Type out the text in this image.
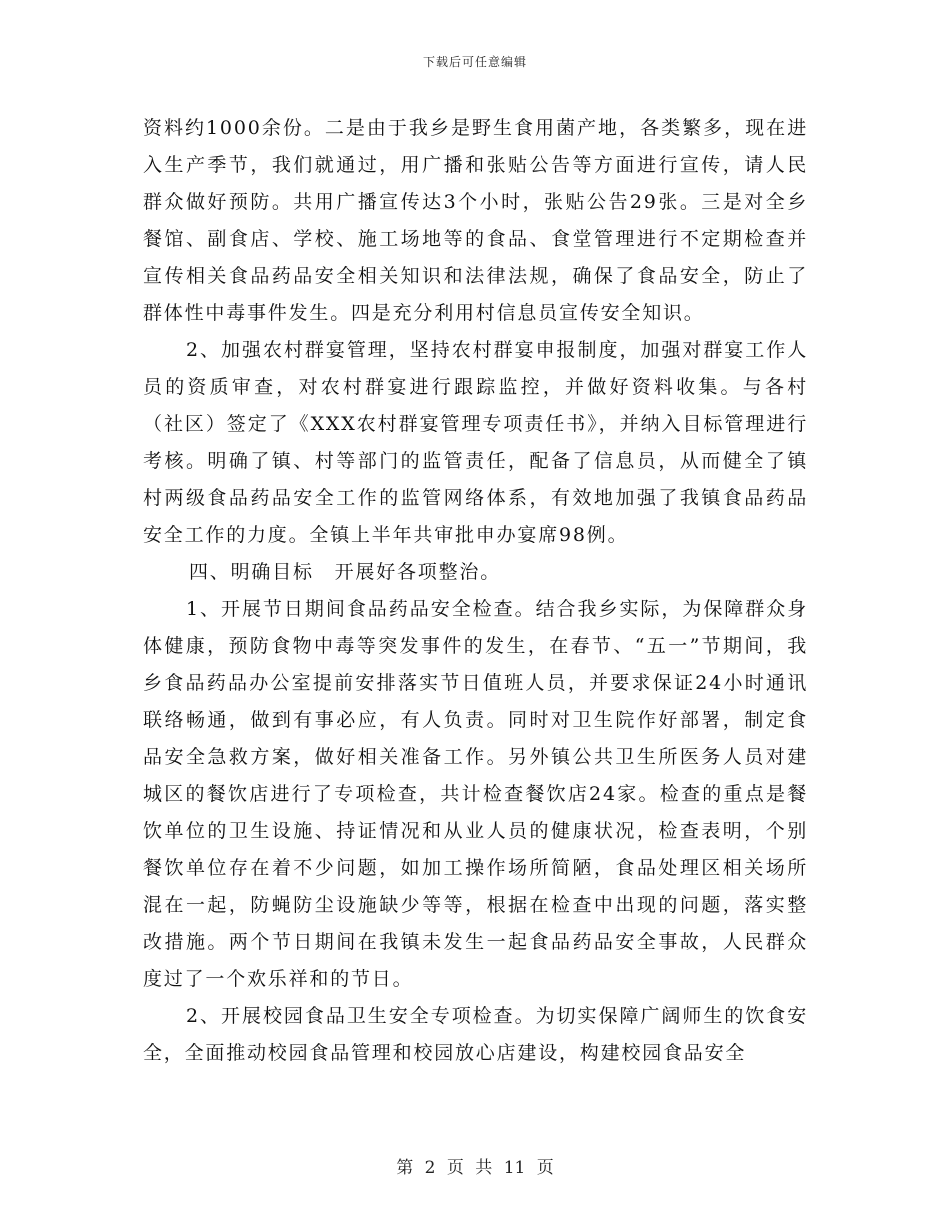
下载后可任意编辑

资料约1000余份。二是由于我乡是野生食用菌产地，各类繁多，现在进入生产季节，我们就通过，用广播和张贴公告等方面进行宣传，请人民群众做好预防。共用广播宣传达3个小时，张贴公告29张。三是对全乡餐馆、副食店、学校、施工场地等的食品、食堂管理进行不定期检查并宣传相关食品药品安全相关知识和法律法规，确保了食品安全，防止了群体性中毒事件发生。四是充分利用村信息员宣传安全知识。

2、加强农村群宴管理，坚持农村群宴申报制度，加强对群宴工作人员的资质审查，对农村群宴进行跟踪监控，并做好资料收集。与各村（社区）签定了《XXX农村群宴管理专项责任书》，并纳入目标管理进行考核。明确了镇、村等部门的监管责任，配备了信息员，从而健全了镇村两级食品药品安全工作的监管网络体系，有效地加强了我镇食品药品安全工作的力度。全镇上半年共审批申办宴席98例。

四、明确目标　开展好各项整治。

1、开展节日期间食品药品安全检查。结合我乡实际，为保障群众身体健康，预防食物中毒等突发事件的发生，在春节、“五一”节期间，我乡食品药品办公室提前安排落实节日值班人员，并要求保证24小时通讯联络畅通，做到有事必应，有人负责。同时对卫生院作好部署，制定食品安全急救方案，做好相关准备工作。另外镇公共卫生所医务人员对建城区的餐饮店进行了专项检查，共计检查餐饮店24家。检查的重点是餐饮单位的卫生设施、持证情况和从业人员的健康状况，检查表明，个别餐饮单位存在着不少问题，如加工操作场所简陋，食品处理区相关场所混在一起，防蝇防尘设施缺少等等，根据在检查中出现的问题，落实整改措施。两个节日期间在我镇未发生一起食品药品安全事故，人民群众度过了一个欢乐祥和的节日。

2、开展校园食品卫生安全专项检查。为切实保障广阔师生的饮食安全，全面推动校园食品管理和校园放心店建设，构建校园食品安全

第 2 页 共 11 页
